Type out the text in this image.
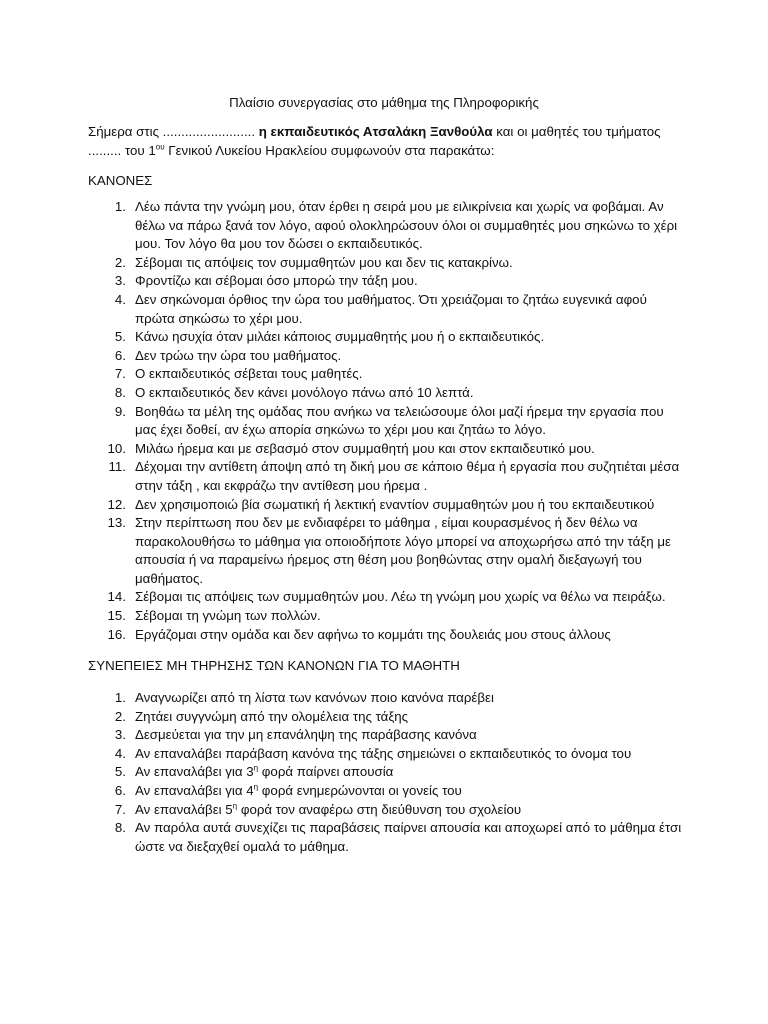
Πλαίσιο συνεργασίας στο μάθημα της Πληροφορικής
Σήμερα στις ......................... η εκπαιδευτικός Ατσαλάκη Ξανθούλα και οι μαθητές του τμήματος ......... του $1^{o\upsilon}$ Γενικού Λυκείου Ηρακλείου συμφωνούν στα παρακάτω:
ΚΑΝΟΝΕΣ
1. Λέω πάντα την γνώμη μου, όταν έρθει η σειρά μου με ειλικρίνεια και χωρίς να φοβάμαι. Αν θέλω να πάρω ξανά τον λόγο, αφού ολοκληρώσουν όλοι οι συμμαθητές μου σηκώνω το χέρι μου. Τον λόγο θα μου τον δώσει ο εκπαιδευτικός.
2. Σέβομαι τις απόψεις τον συμμαθητών μου και δεν τις κατακρίνω.
3. Φροντίζω και σέβομαι όσο μπορώ την τάξη μου.
4. Δεν σηκώνομαι όρθιος την ώρα του μαθήματος. Ότι χρειάζομαι το ζητάω ευγενικά αφού πρώτα σηκώσω το χέρι μου.
5. Κάνω ησυχία όταν μιλάει κάποιος συμμαθητής μου ή ο εκπαιδευτικός.
6. Δεν τρώω την ώρα του μαθήματος.
7. Ο εκπαιδευτικός σέβεται τους μαθητές.
8. Ο εκπαιδευτικός δεν κάνει μονόλογο πάνω από 10 λεπτά.
9. Βοηθάω τα μέλη της ομάδας που ανήκω να τελειώσουμε όλοι μαζί ήρεμα την εργασία που μας έχει δοθεί, αν έχω απορία σηκώνω το χέρι μου και ζητάω το λόγο.
10. Μιλάω ήρεμα και με σεβασμό στον συμμαθητή μου και στον εκπαιδευτικό μου.
11. Δέχομαι την αντίθετη άποψη από τη δική μου σε κάποιο θέμα ή εργασία που συζητιέται μέσα στην τάξη , και εκφράζω την αντίθεση μου ήρεμα .
12. Δεν χρησιμοποιώ βία σωματική ή λεκτική εναντίον συμμαθητών μου ή του εκπαιδευτικού
13. Στην περίπτωση που δεν με ενδιαφέρει το μάθημα , είμαι κουρασμένος ή δεν θέλω να παρακολουθήσω το μάθημα για οποιοδήποτε λόγο μπορεί να αποχωρήσω από την τάξη με απουσία ή να παραμείνω ήρεμος στη θέση μου βοηθώντας στην ομαλή διεξαγωγή του μαθήματος.
14. Σέβομαι τις απόψεις των συμμαθητών μου. Λέω τη γνώμη μου χωρίς να θέλω να πειράξω.
15. Σέβομαι τη γνώμη των πολλών.
16. Εργάζομαι στην ομάδα και δεν αφήνω το κομμάτι της δουλειάς μου στους άλλους
ΣΥΝΕΠΕΙΕΣ ΜΗ ΤΗΡΗΣΗΣ ΤΩΝ ΚΑΝΟΝΩΝ ΓΙΑ ΤΟ ΜΑΘΗΤΗ
1. Αναγνωρίζει από τη λίστα των κανόνων ποιο κανόνα παρέβει
2. Ζητάει συγγνώμη από την ολομέλεια της τάξης
3. Δεσμεύεται για την μη επανάληψη της παράβασης κανόνα
4. Αν επαναλάβει παράβαση κανόνα της τάξης σημειώνει ο εκπαιδευτικός το όνομα του
5. Αν επαναλάβει για $3^\eta$ φορά παίρνει απουσία
6. Αν επαναλάβει για $4^\eta$ φορά ενημερώνονται οι γονείς του
7. Αν επαναλάβει $5^\eta$ φορά τον αναφέρω στη διεύθυνση του σχολείου
8. Αν παρόλα αυτά συνεχίζει τις παραβάσεις παίρνει απουσία και αποχωρεί από το μάθημα έτσι ώστε να διεξαχθεί ομαλά το μάθημα.
